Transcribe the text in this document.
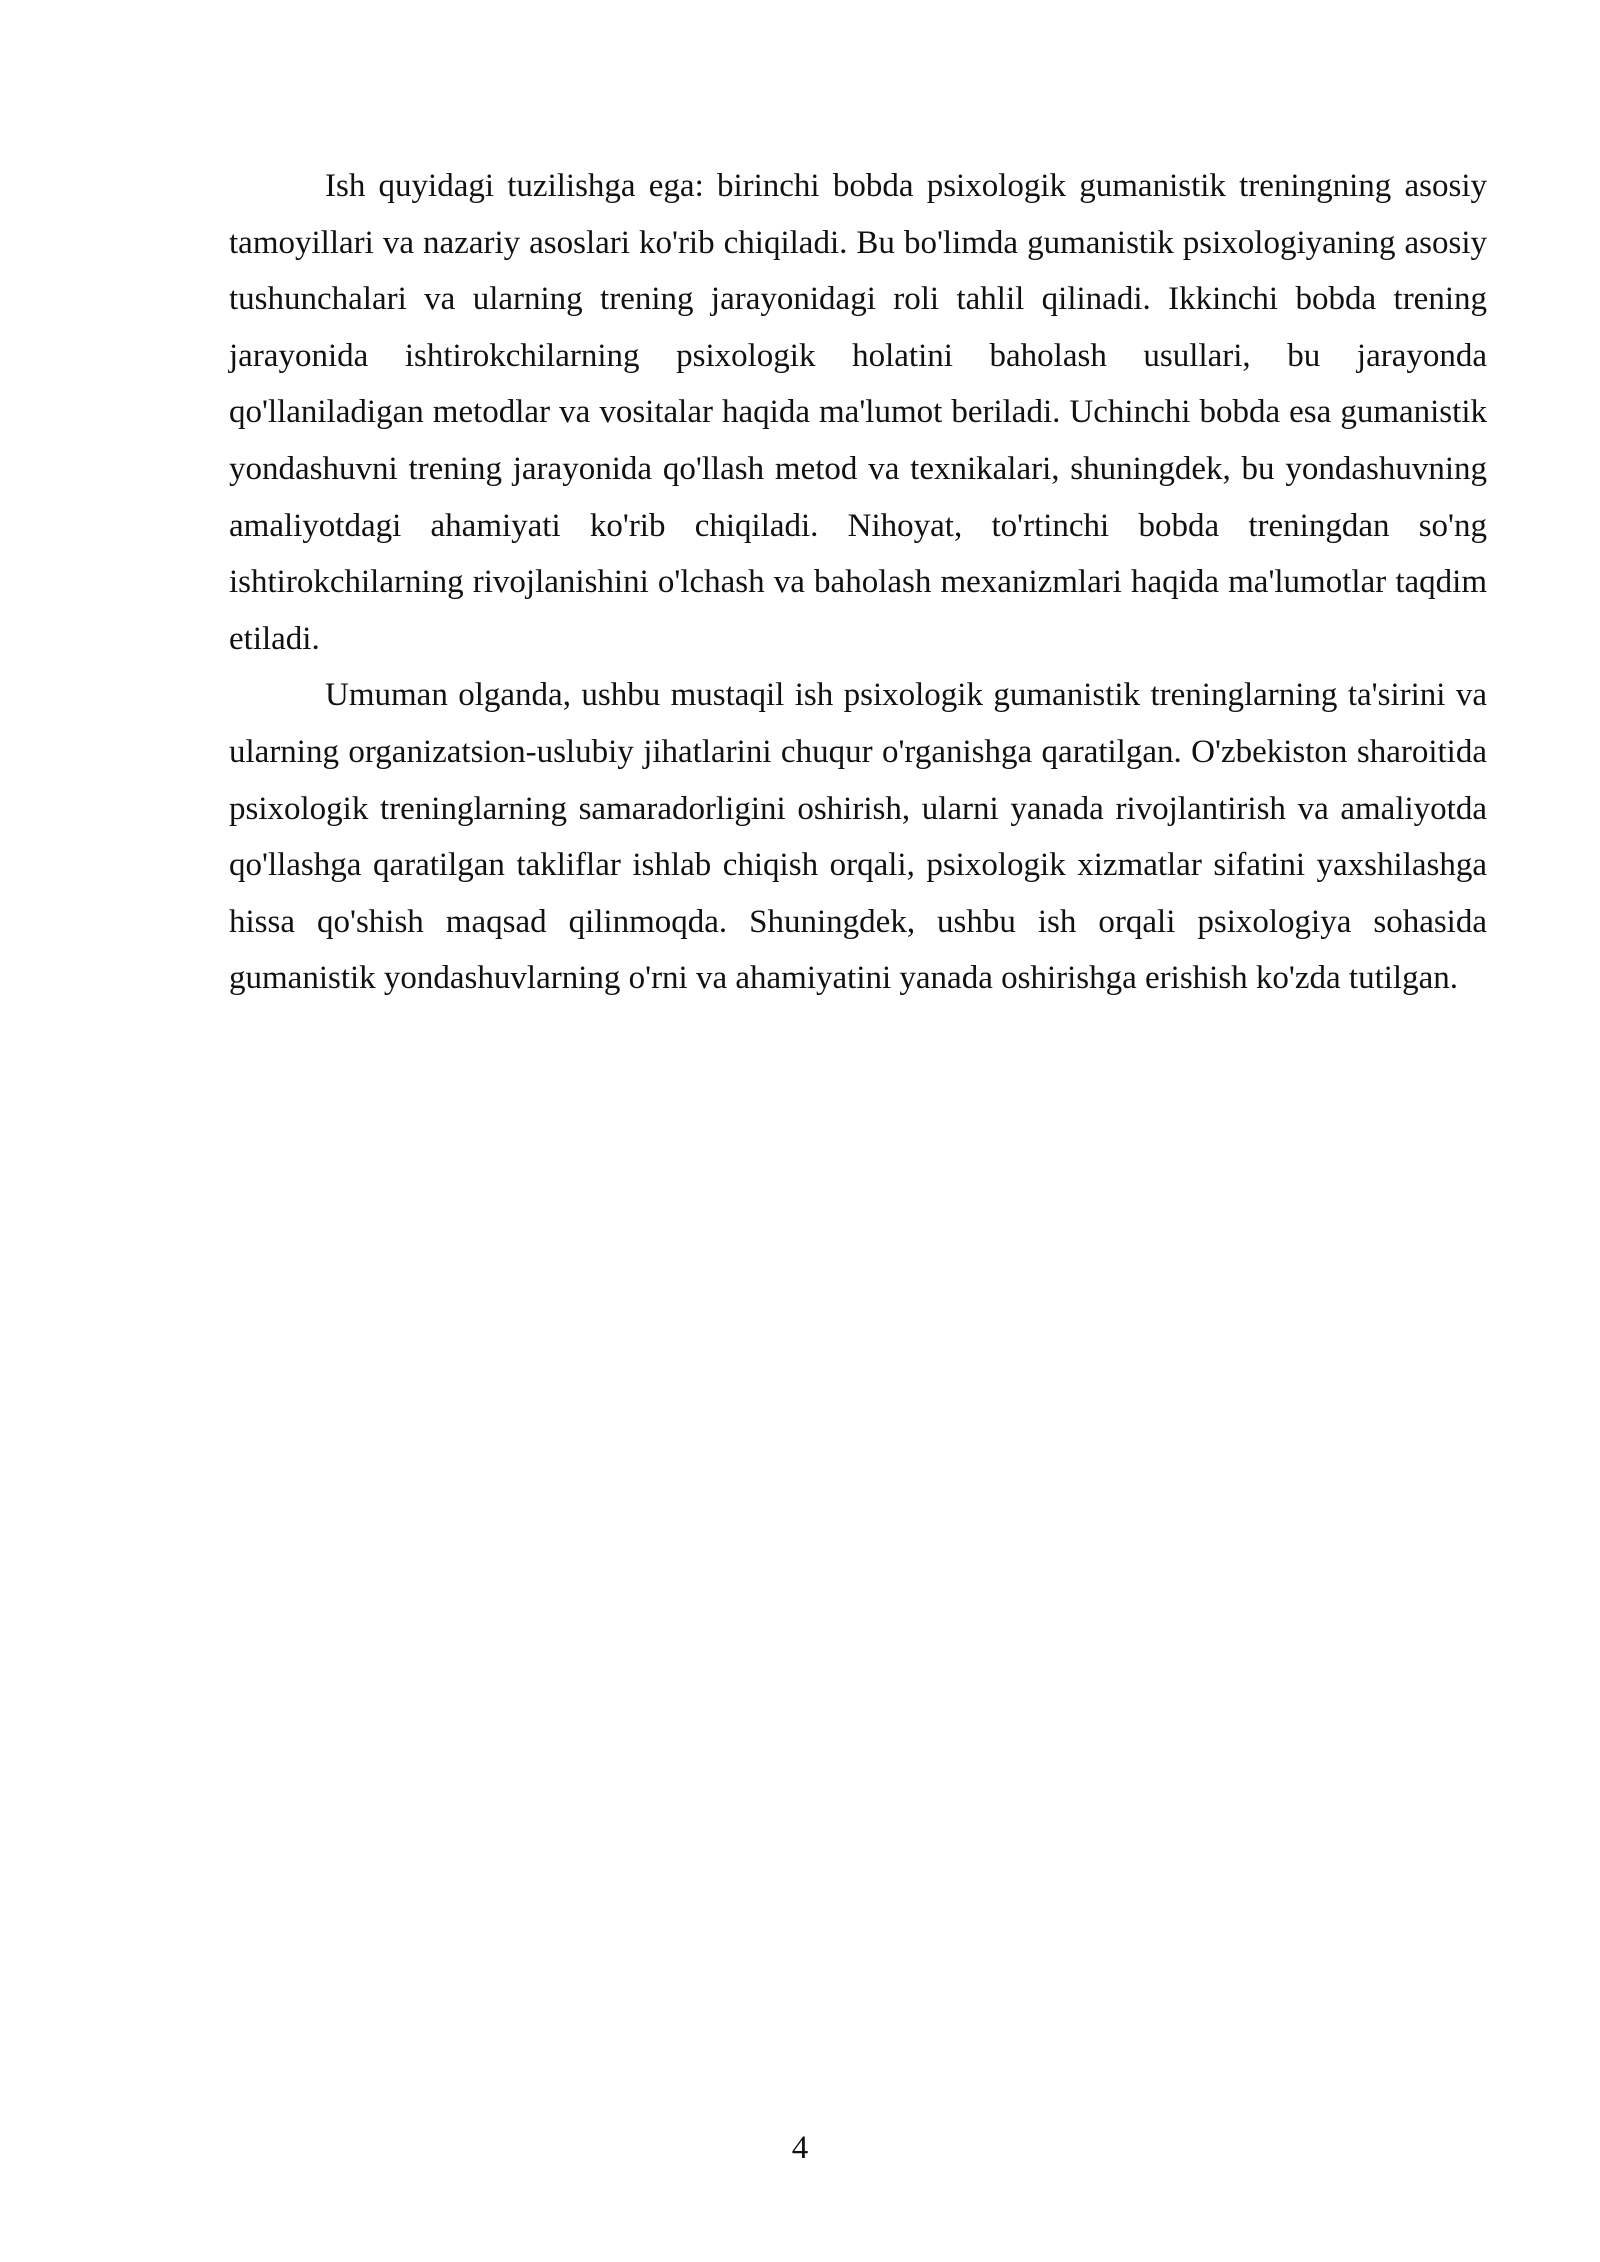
Ish quyidagi tuzilishga ega: birinchi bobda psixologik gumanistik treningning asosiy tamoyillari va nazariy asoslari ko'rib chiqiladi. Bu bo'limda gumanistik psixologiyaning asosiy tushunchalari va ularning trening jarayonidagi roli tahlil qilinadi. Ikkinchi bobda trening jarayonida ishtirokchilarning psixologik holatini baholash usullari, bu jarayonda qo'llaniladigan metodlar va vositalar haqida ma'lumot beriladi. Uchinchi bobda esa gumanistik yondashuvni trening jarayonida qo'llash metod va texnikalari, shuningdek, bu yondashuvning amaliyotdagi ahamiyati ko'rib chiqiladi. Nihoyat, to'rtinchi bobda treningdan so'ng ishtirokchilarning rivojlanishini o'lchash va baholash mexanizmlari haqida ma'lumotlar taqdim etiladi.

Umuman olganda, ushbu mustaqil ish psixologik gumanistik treninglarning ta'sirini va ularning organizatsion-uslubiy jihatlarini chuqur o'rganishga qaratilgan. O'zbekiston sharoitida psixologik treninglarning samaradorligini oshirish, ularni yanada rivojlantirish va amaliyotda qo'llashga qaratilgan takliflar ishlab chiqish orqali, psixologik xizmatlar sifatini yaxshilashga hissa qo'shish maqsad qilinmoqda. Shuningdek, ushbu ish orqali psixologiya sohasida gumanistik yondashuvlarning o'rni va ahamiyatini yanada oshirishga erishish ko'zda tutilgan.

4
